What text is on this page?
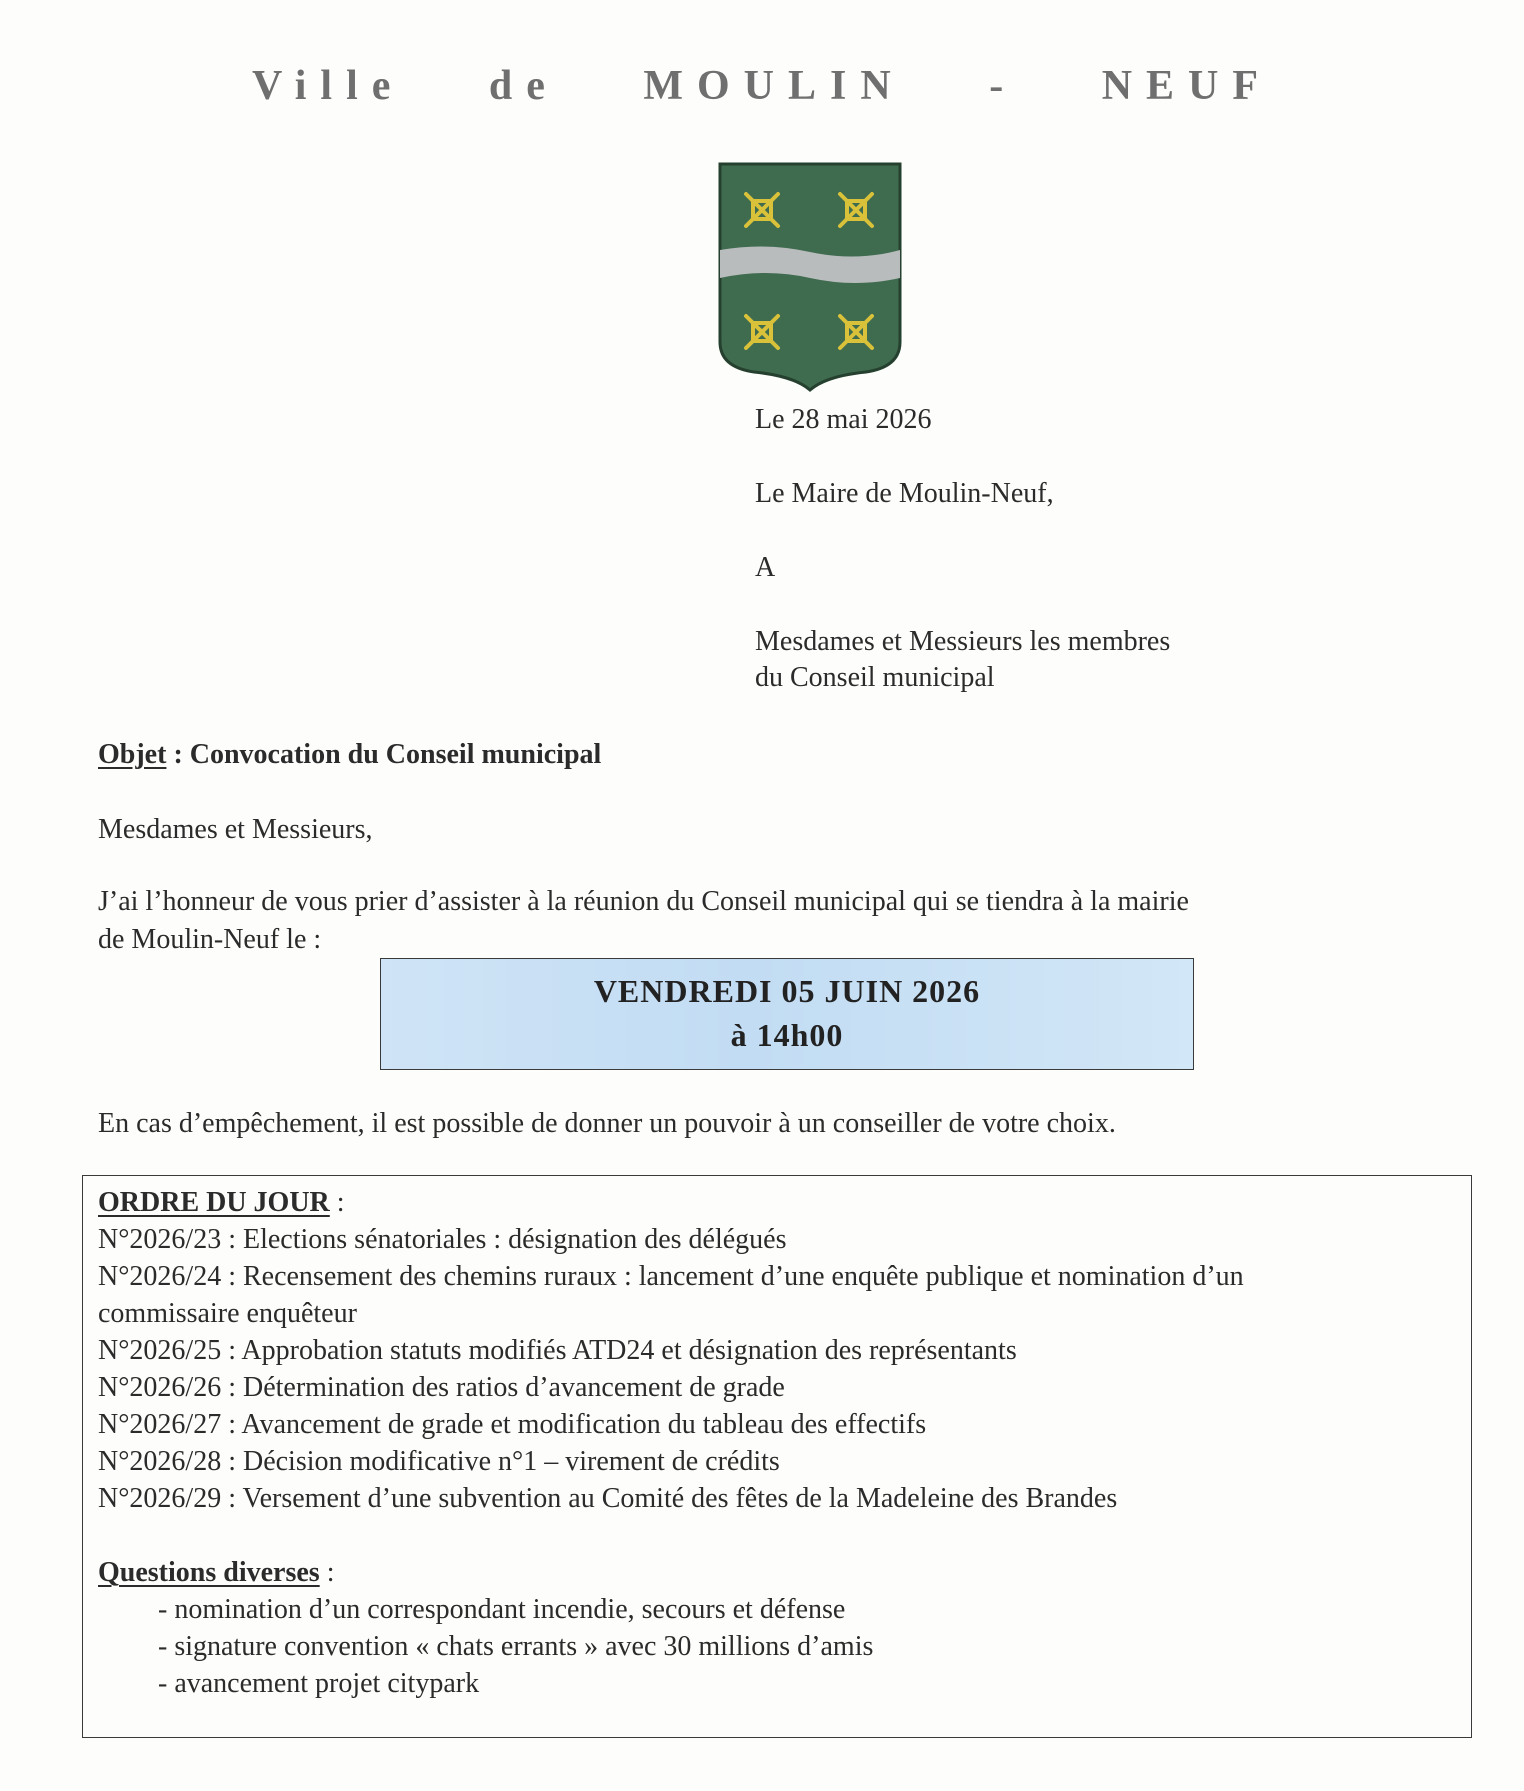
Ville de MOULIN - NEUF
Le 28 mai 2026
Le Maire de Moulin-Neuf,
A
Mesdames et Messieurs les membres
du Conseil municipal
Objet : Convocation du Conseil municipal
Mesdames et Messieurs,
J’ai l’honneur de vous prier d’assister à la réunion du Conseil municipal qui se tiendra à la mairie
de Moulin-Neuf le :
VENDREDI 05 JUIN 2026
à 14h00
En cas d’empêchement, il est possible de donner un pouvoir à un conseiller de votre choix.
ORDRE DU JOUR :
N°2026/23 : Elections sénatoriales : désignation des délégués
N°2026/24 : Recensement des chemins ruraux : lancement d’une enquête publique et nomination d’un
commissaire enquêteur
N°2026/25 : Approbation statuts modifiés ATD24 et désignation des représentants
N°2026/26 : Détermination des ratios d’avancement de grade
N°2026/27 : Avancement de grade et modification du tableau des effectifs
N°2026/28 : Décision modificative n°1 – virement de crédits
N°2026/29 : Versement d’une subvention au Comité des fêtes de la Madeleine des Brandes
Questions diverses :
- nomination d’un correspondant incendie, secours et défense
- signature convention « chats errants » avec 30 millions d’amis
- avancement projet citypark
